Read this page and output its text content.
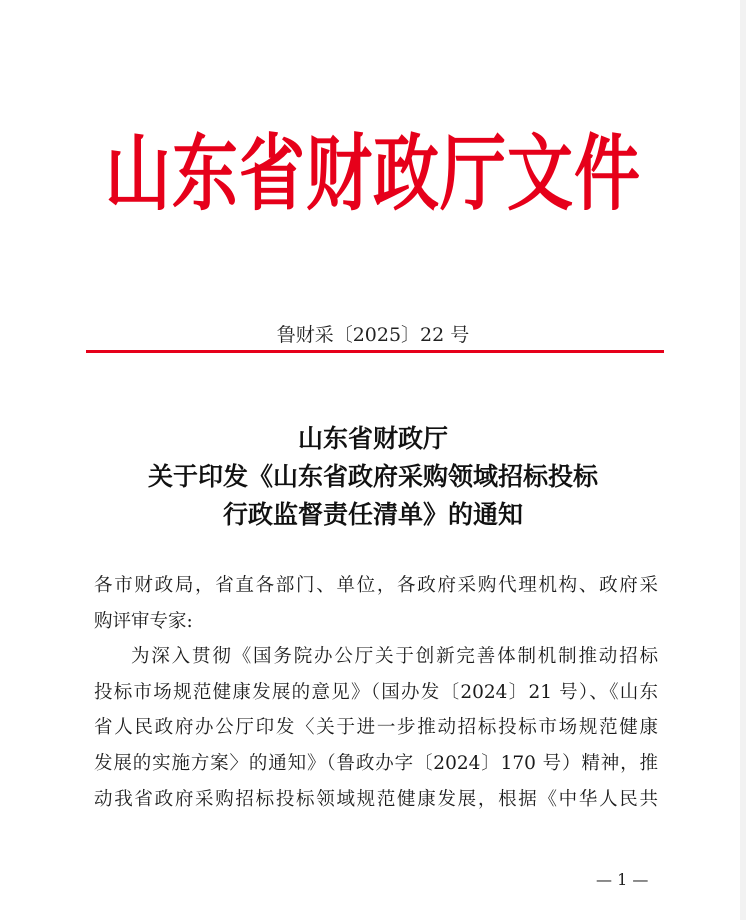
山东省财政厅文件
鲁财采〔2025〕22 号
山东省财政厅
关于印发《山东省政府采购领域招标投标
行政监督责任清单》的通知
各市财政局，省直各部门、单位，各政府采购代理机构、政府采
购评审专家:
为深入贯彻《国务院办公厅关于创新完善体制机制推动招标
投标市场规范健康发展的意见》（国办发〔2024〕21 号）、《山东
省人民政府办公厅印发〈关于进一步推动招标投标市场规范健康
发展的实施方案〉的通知》（鲁政办字〔2024〕170 号）精神，推
动我省政府采购招标投标领域规范健康发展，根据《中华人民共
— 1 —
